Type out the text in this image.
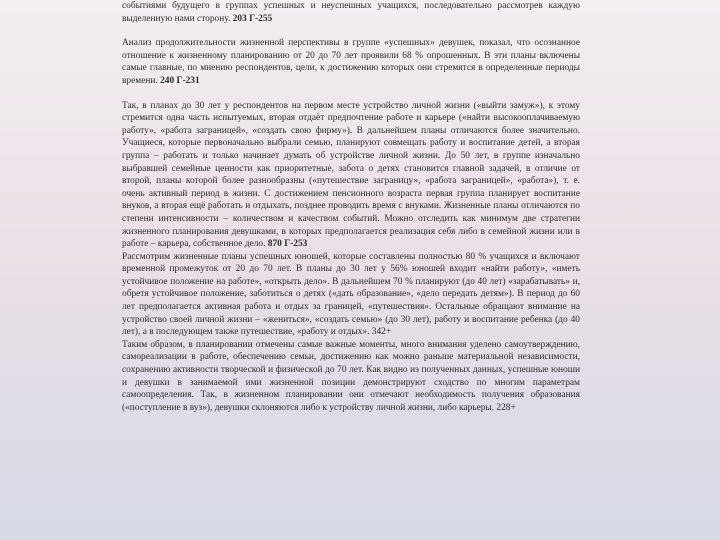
событиями будущего в группах успешных и неуспешных учащихся, последовательно рассмотрев каждую выделенную нами сторону. 203 Г-255

Анализ продолжительности жизненной перспективы в группе «успешных» девушек, показал, что осознанное отношение к жизненному планированию от 20 до 70 лет проявили 68 % опрошенных. В эти планы включены самые главные, по мнению респондентов, цели, к достижению которых они стремятся в определенные периоды времени. 240 Г-231

Так, в планах до 30 лет у респондентов на первом месте устройство личной жизни («выйти замуж»), к этому стремится одна часть испытуемых, вторая отдаёт предпочтение работе и карьере («найти высокооплачиваемую работу», «работа заграницей», «создать свою фирму»). В дальнейшем планы отличаются более значительно. Учащиеся, которые первоначально выбрали семью, планируют совмещать работу и воспитание детей, а вторая группа – работать и только начинает думать об устройстве личной жизни. До 50 лет, в группе изначально выбравшей семейные ценности как приоритетные, забота о детях становится главной задачей, в отличие от второй, планы которой более разнообразны («путешествие заграницу», «работа заграницей», «работа»), т. е. очень активный период в жизни. С достижением пенсионного возраста первая группа планирует воспитание внуков, а вторая ещё работать и отдыхать, позднее проводить время с внуками. Жизненные планы отличаются по степени интенсивности – количеством и качеством событий. Можно отследить как минимум две стратегии жизненного планирования девушками, в которых предполагается реализация себя либо в семейной жизни или в работе – карьера, собственное дело. 870 Г-253

Рассмотрим жизненные планы успешных юношей, которые составлены полностью 80 % учащихся и включают временной промежуток от 20 до 70 лет. В планы до 30 лет у 56% юношей входит «найти работу», «иметь устойчивое положение на работе», «открыть дело». В дальнейшем 70 % планируют (до 40 лет) «зарабатывать» и, обретя устойчивое положение, заботиться о детях («дать образование», «дело передать детям»). В период до 60 лет предполагается активная работа и отдых за границей, «путешествия». Остальные обращают внимание на устройство своей личной жизни – «жениться», «создать семью» (до 30 лет), работу и воспитание ребенка (до 40 лет), а в последующем также путешествие, «работу и отдых». 342+

Таким образом, в планировании отмечены самые важные моменты, много внимания уделено самоутверждению, самореализации в работе, обеспечению семьи, достижению как можно раньше материальной независимости, сохранению активности творческой и физической до 70 лет. Как видно из полученных данных, успешные юноши и девушки в занимаемой ими жизненной позиции демонстрируют сходство по многим параметрам самоопределения. Так, в жизненном планировании они отмечают необходимость получения образования («поступление в вуз»), девушки склоняются либо к устройству личной жизни, либо карьеры. 228+
